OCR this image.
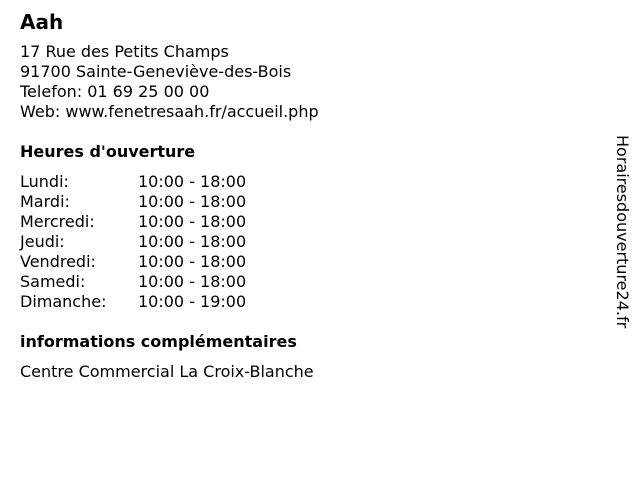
Aah
17 Rue des Petits Champs
91700 Sainte-Geneviève-des-Bois
Telefon: 01 69 25 00 00
Web: www.fenetresaah.fr/accueil.php
Heures d'ouverture
Lundi:	10:00 - 18:00
Mardi:	10:00 - 18:00
Mercredi:	10:00 - 18:00
Jeudi:	10:00 - 18:00
Vendredi:	10:00 - 18:00
Samedi:	10:00 - 18:00
Dimanche:	10:00 - 19:00
informations complémentaires
Centre Commercial La Croix-Blanche
Horairesdouverture24.fr
